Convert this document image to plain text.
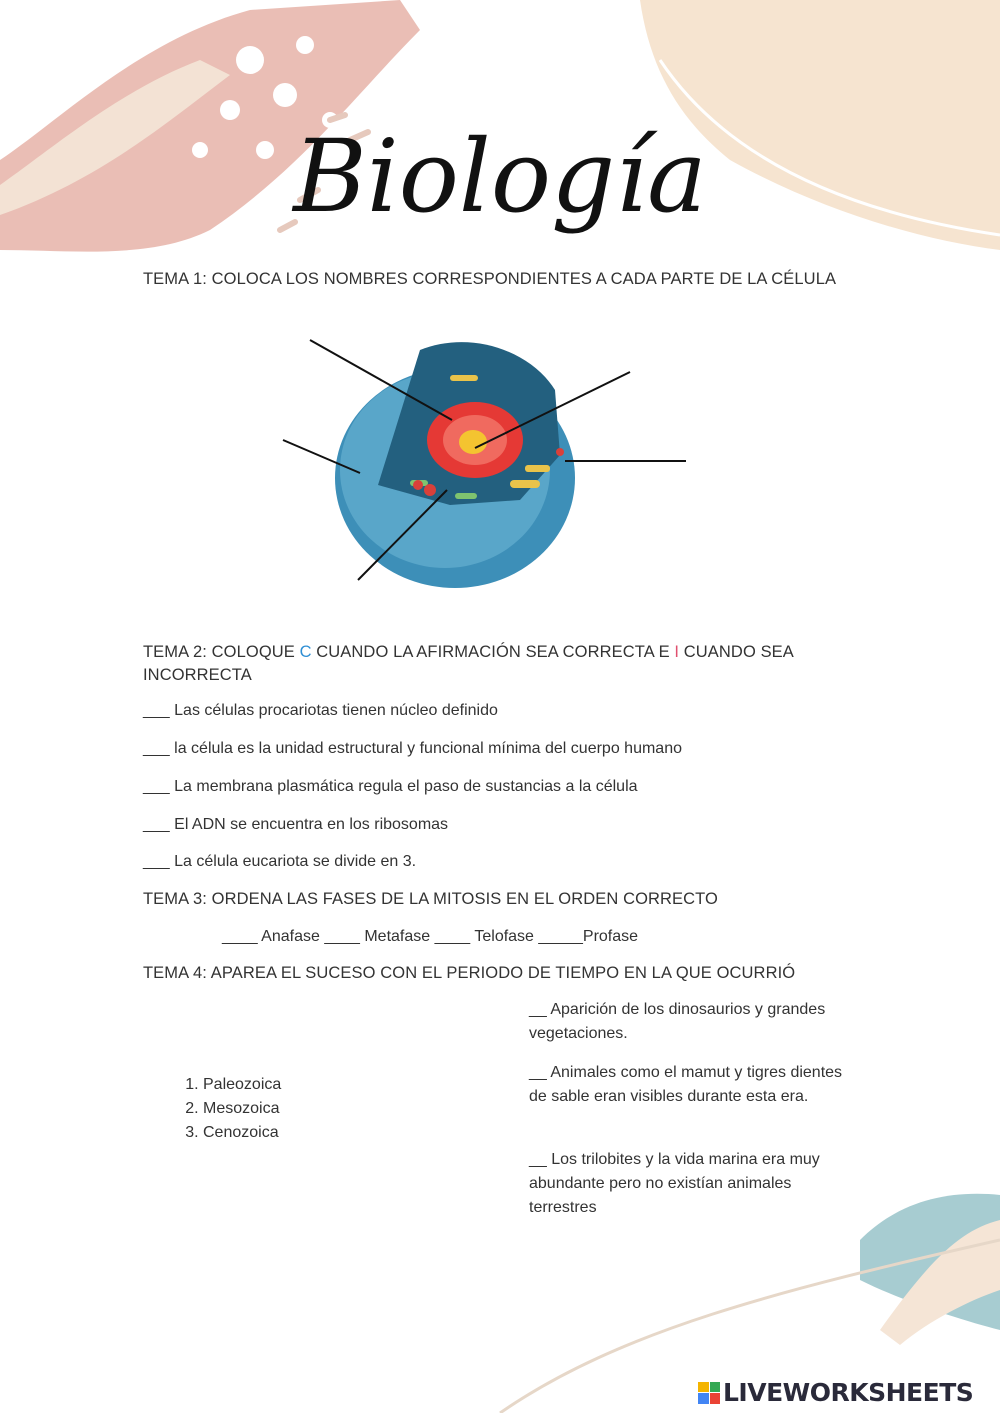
Biología
TEMA 1: COLOCA LOS NOMBRES CORRESPONDIENTES A CADA PARTE DE LA CÉLULA
TEMA 2: COLOQUE C CUANDO LA AFIRMACIÓN SEA CORRECTA E I CUANDO SEA
INCORRECTA
___ Las células procariotas tienen núcleo definido
___ la célula es la unidad estructural y funcional mínima del cuerpo humano
___ La membrana plasmática regula el paso de sustancias a la célula
___ El ADN se encuentra en los ribosomas
___ La célula eucariota se divide en 3.
TEMA 3: ORDENA LAS FASES DE LA MITOSIS EN EL ORDEN CORRECTO
____ Anafase ____ Metafase ____ Telofase _____Profase
TEMA 4: APAREA EL SUCESO CON EL PERIODO DE TIEMPO EN LA QUE OCURRIÓ
1. Paleozoica
2. Mesozoica
3. Cenozoica
__ Aparición de los dinosaurios y grandes vegetaciones.
__ Animales como el mamut y tigres dientes de sable eran visibles durante esta era.
__ Los trilobites y la vida marina era muy abundante pero no existían animales terrestres
LIVEWORKSHEETS
